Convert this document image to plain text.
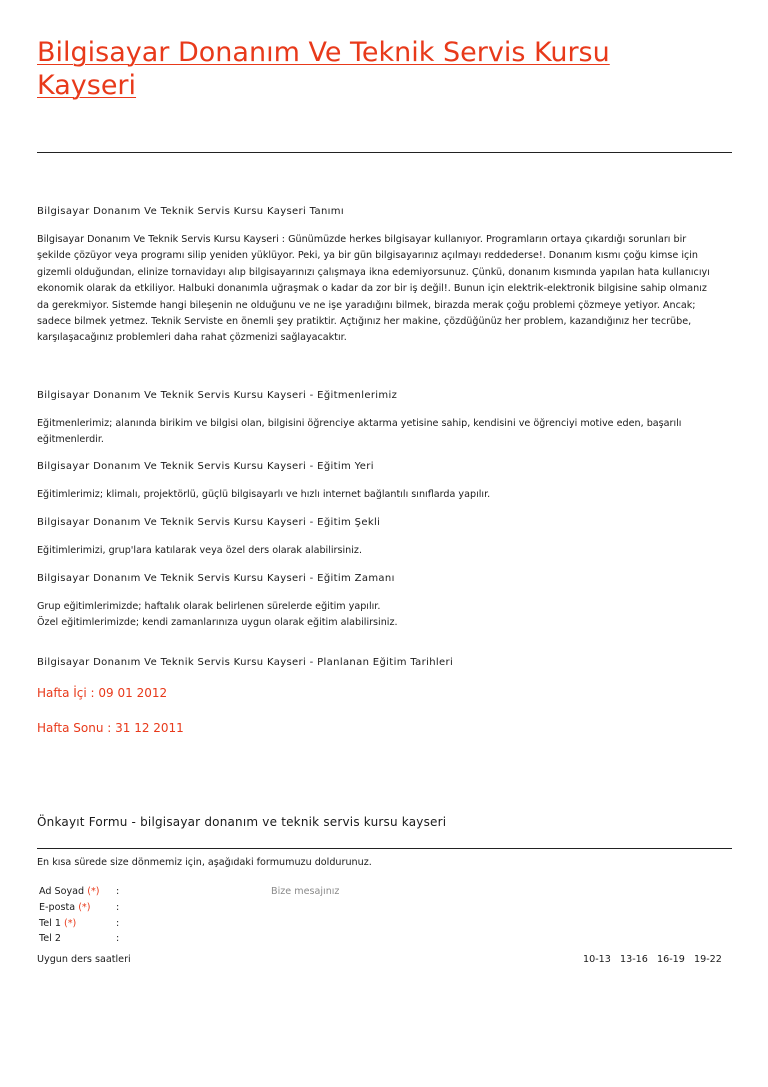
Bilgisayar Donanım Ve Teknik Servis Kursu
Kayseri
Bilgisayar Donanım Ve Teknik Servis Kursu Kayseri Tanımı
Bilgisayar Donanım Ve Teknik Servis Kursu Kayseri : Günümüzde herkes bilgisayar kullanıyor. Programların ortaya çıkardığı sorunları bir
şekilde çözüyor veya programı silip yeniden yüklüyor. Peki, ya bir gün bilgisayarınız açılmayı reddederse!. Donanım kısmı çoğu kimse için
gizemli olduğundan, elinize tornavidayı alıp bilgisayarınızı çalışmaya ikna edemiyorsunuz. Çünkü, donanım kısmında yapılan hata kullanıcıyı
ekonomik olarak da etkiliyor. Halbuki donanımla uğraşmak o kadar da zor bir iş değil!. Bunun için elektrik-elektronik bilgisine sahip olmanız
da gerekmiyor. Sistemde hangi bileşenin ne olduğunu ve ne işe yaradığını bilmek, birazda merak çoğu problemi çözmeye yetiyor. Ancak;
sadece bilmek yetmez. Teknik Serviste en önemli şey pratiktir. Açtığınız her makine, çözdüğünüz her problem, kazandığınız her tecrübe,
karşılaşacağınız problemleri daha rahat çözmenizi sağlayacaktır.
Bilgisayar Donanım Ve Teknik Servis Kursu Kayseri - Eğitmenlerimiz
Eğitmenlerimiz; alanında birikim ve bilgisi olan, bilgisini öğrenciye aktarma yetisine sahip, kendisini ve öğrenciyi motive eden, başarılı
eğitmenlerdir.
Bilgisayar Donanım Ve Teknik Servis Kursu Kayseri - Eğitim Yeri
Eğitimlerimiz; klimalı, projektörlü, güçlü bilgisayarlı ve hızlı internet bağlantılı sınıflarda yapılır.
Bilgisayar Donanım Ve Teknik Servis Kursu Kayseri - Eğitim Şekli
Eğitimlerimizi, grup'lara katılarak veya özel ders olarak alabilirsiniz.
Bilgisayar Donanım Ve Teknik Servis Kursu Kayseri - Eğitim Zamanı
Grup eğitimlerimizde; haftalık olarak belirlenen sürelerde eğitim yapılır.
Özel eğitimlerimizde; kendi zamanlarınıza uygun olarak eğitim alabilirsiniz.
Bilgisayar Donanım Ve Teknik Servis Kursu Kayseri - Planlanan Eğitim Tarihleri
Hafta İçi : 09 01 2012
Hafta Sonu : 31 12 2011
Önkayıt Formu - bilgisayar donanım ve teknik servis kursu kayseri
En kısa sürede size dönmemiz için, aşağıdaki formumuzu doldurunuz.
Ad Soyad (*) :
E-posta (*)	:
Tel 1 (*)	:
Tel 2	:
Bize mesajınız
Uygun ders saatleri	10-13 13-16 16-19 19-22
